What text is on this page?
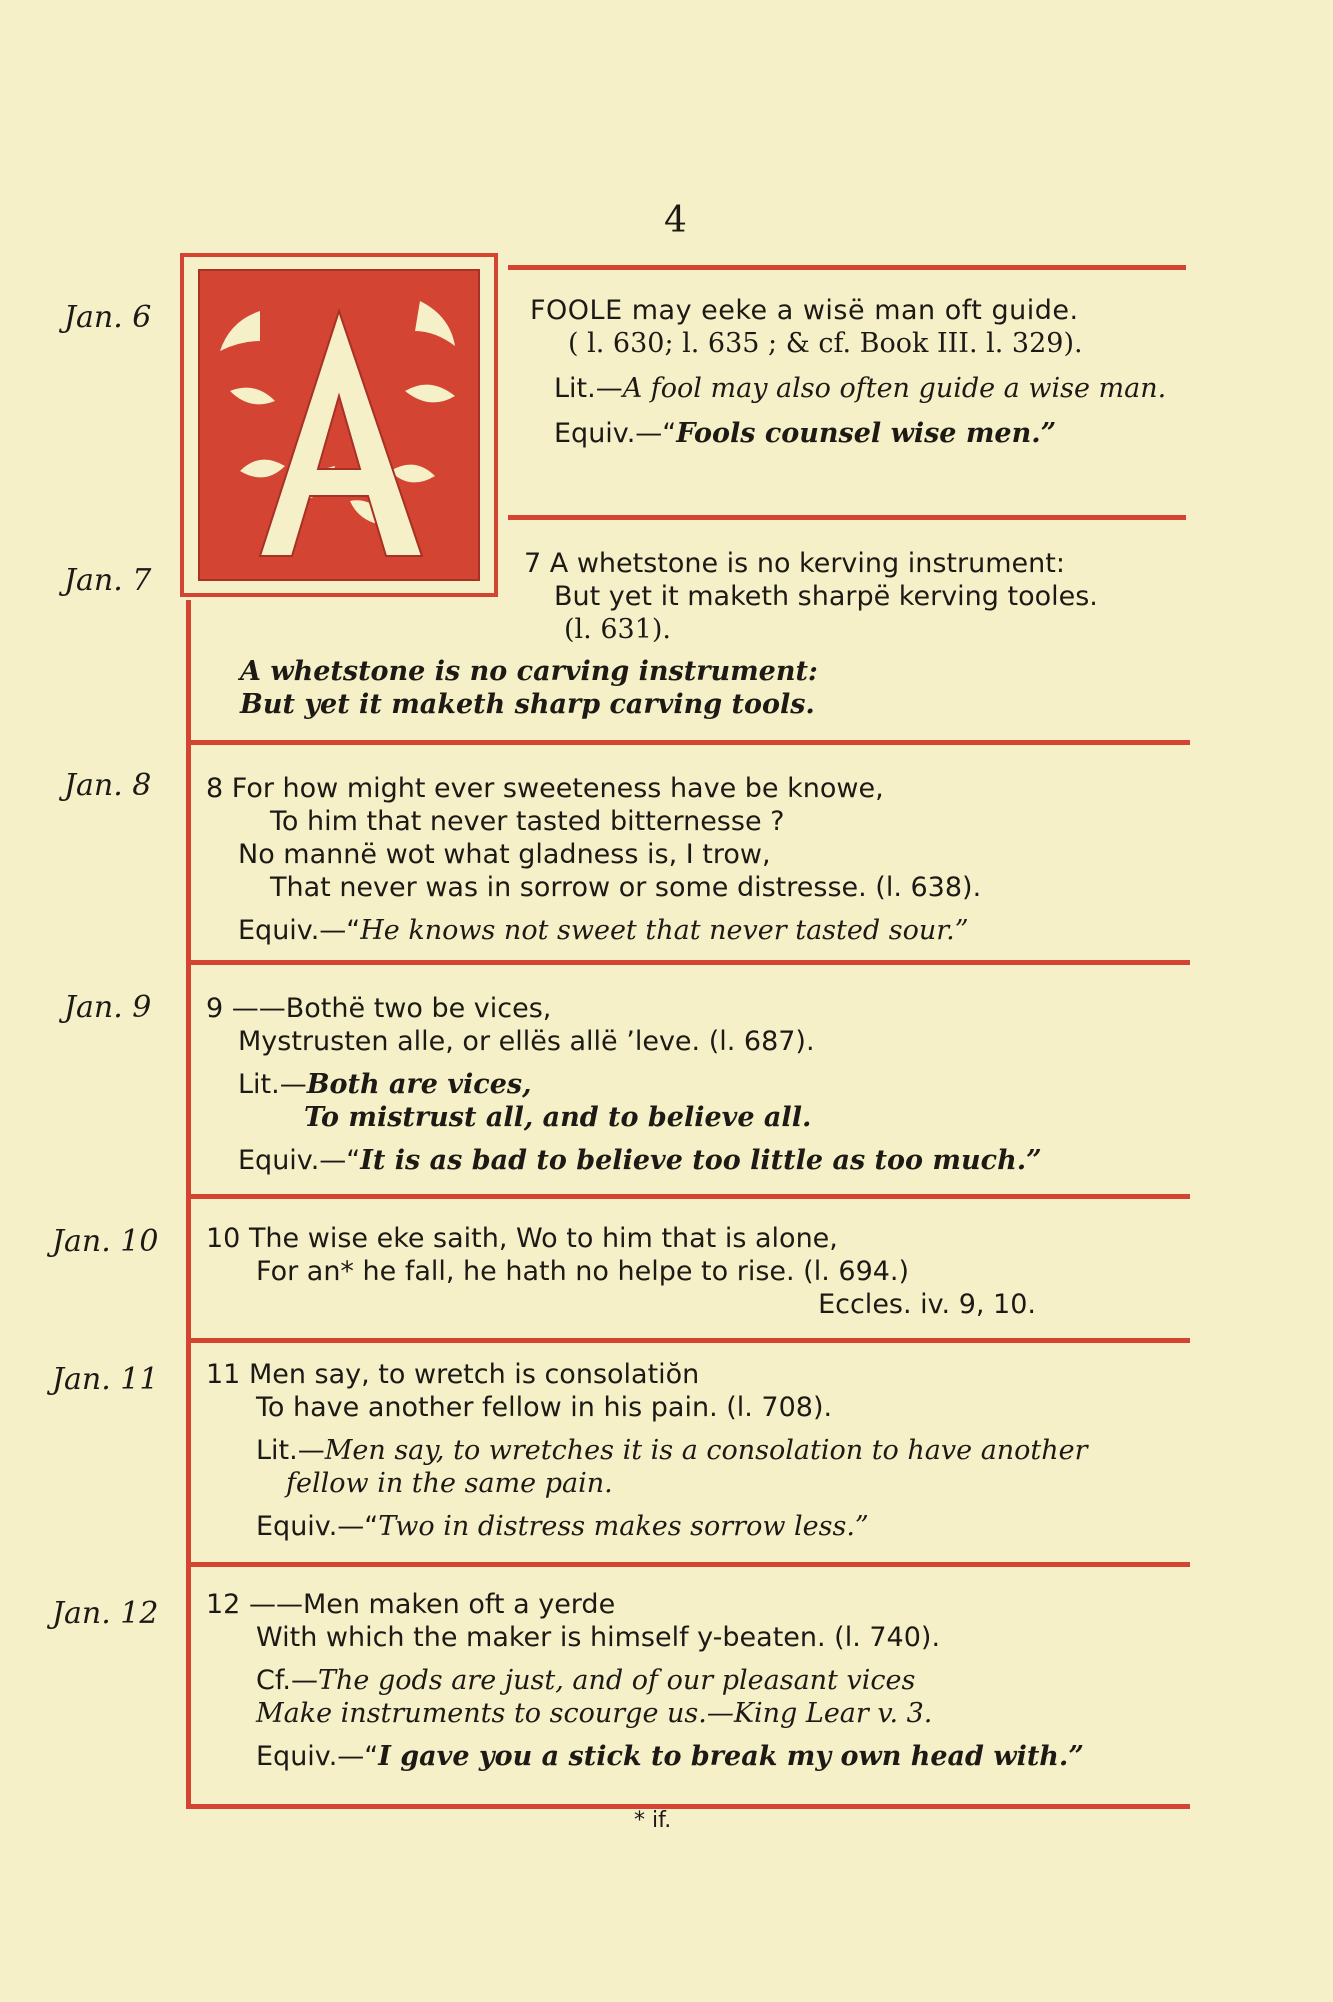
4
Jan. 6
Jan. 7
Jan. 8
Jan. 9
Jan. 10
Jan. 11
Jan. 12
A
FOOLE may eeke a wisë man oft guide.
( l. 630; l. 635 ; & cf. Book III. l. 329).
Lit.—A fool may also often guide a wise man.
Equiv.—“Fools counsel wise men.”
7 A whetstone is no kerving instrument:
But yet it maketh sharpë kerving tooles.
(l. 631).
A whetstone is no carving instrument:
But yet it maketh sharp carving tools.
8 For how might ever sweeteness have be knowe,
To him that never tasted bitternesse ?
No mannë wot what gladness is, I trow,
That never was in sorrow or some distresse. (l. 638).
Equiv.—“He knows not sweet that never tasted sour.”
9 ——Bothë two be vices,
Mystrusten alle, or ellës allë ’leve. (l. 687).
Lit.—Both are vices,
To mistrust all, and to believe all.
Equiv.—“It is as bad to believe too little as too much.”
10 The wise eke saith, Wo to him that is alone,
For an* he fall, he hath no helpe to rise. (l. 694.)
Eccles. iv. 9, 10.
11 Men say, to wretch is consolatiŏn
To have another fellow in his pain. (l. 708).
Lit.—Men say, to wretches it is a consolation to have another
fellow in the same pain.
Equiv.—“Two in distress makes sorrow less.”
12 ——Men maken oft a yerde
With which the maker is himself y-beaten. (l. 740).
Cf.—The gods are just, and of our pleasant vices
Make instruments to scourge us.—King Lear v. 3.
Equiv.—“I gave you a stick to break my own head with.”
* if.
